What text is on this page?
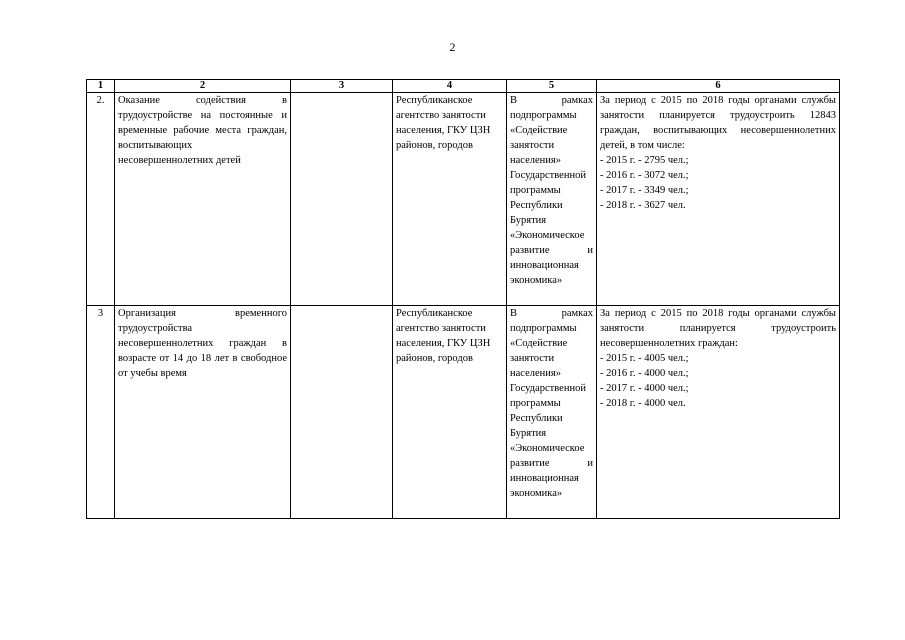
2
1	2	3	4	5	6
2.	Оказание содействия в трудоустройстве на постоянные и временные рабочие места граждан, воспитывающих несовершеннолетних детей		Республиканское агентство занятости населения, ГКУ ЦЗН районов, городов	В рамках подпрограммы «Содействие занятости населения» Государственной программы Республики Бурятия «Экономическое развитие и инновационная экономика»	За период с 2015 по 2018 годы органами службы занятости планируется трудоустроить 12843 граждан, воспитывающих несовершеннолетних детей, в том числе:
- 2015 г. - 2795 чел.;
- 2016 г. - 3072 чел.;
- 2017 г. - 3349 чел.;
- 2018 г. - 3627 чел.

3	Организация временного трудоустройства несовершеннолетних граждан в возрасте от 14 до 18 лет в свободное от учебы время		Республиканское агентство занятости населения, ГКУ ЦЗН районов, городов	В рамках подпрограммы «Содействие занятости населения» Государственной программы Республики Бурятия «Экономическое развитие и инновационная экономика»	За период с 2015 по 2018 годы органами службы занятости планируется трудоустроить несовершеннолетних граждан:
- 2015 г. - 4005 чел.;
- 2016 г. - 4000 чел.;
- 2017 г. - 4000 чел.;
- 2018 г. - 4000 чел.
